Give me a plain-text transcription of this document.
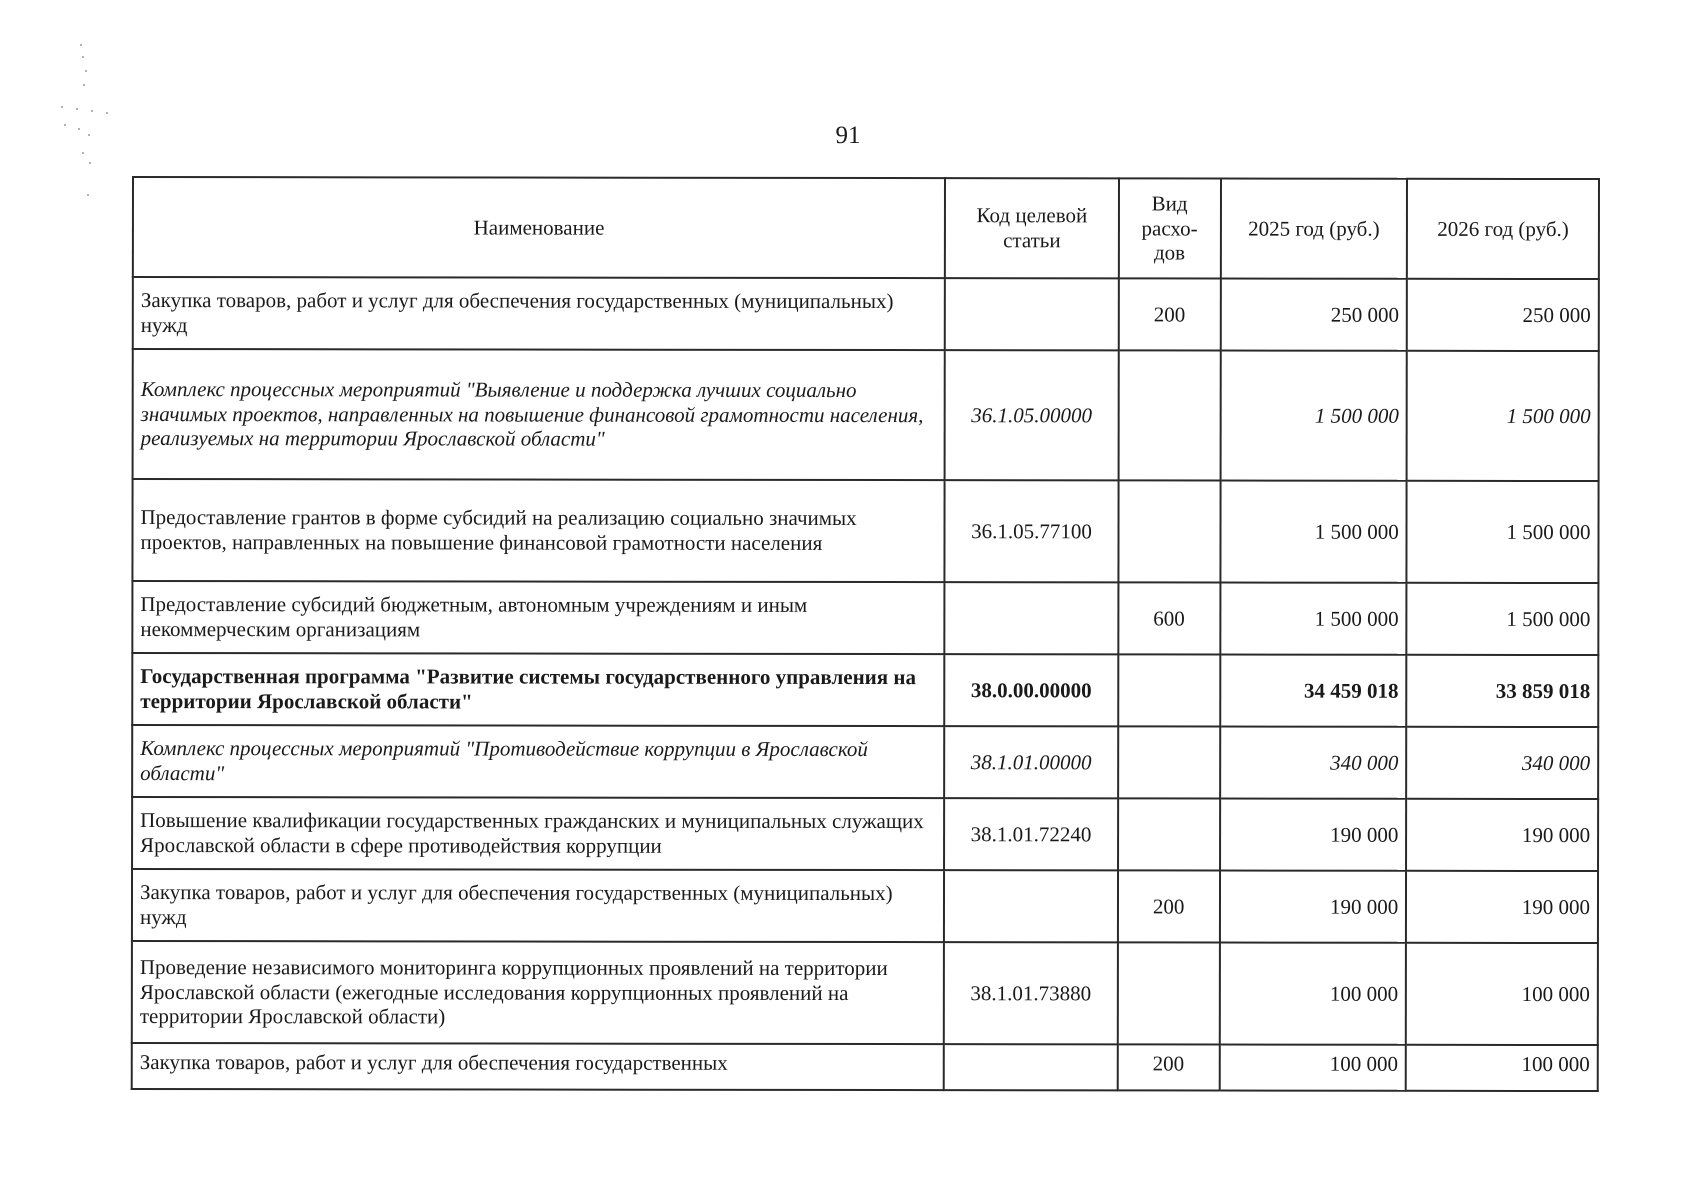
91
Наименование	Код целевой статьи	Вид расхо-дов	2025 год (руб.)	2026 год (руб.)
Закупка товаров, работ и услуг для обеспечения государственных (муниципальных) нужд		200	250 000	250 000
Комплекс процессных мероприятий "Выявление и поддержка лучших социально значимых проектов, направленных на повышение финансовой грамотности населения, реализуемых на территории Ярославской области"	36.1.05.00000		1 500 000	1 500 000
Предоставление грантов в форме субсидий на реализацию социально значимых проектов, направленных на повышение финансовой грамотности населения	36.1.05.77100		1 500 000	1 500 000
Предоставление субсидий бюджетным, автономным учреждениям и иным некоммерческим организациям		600	1 500 000	1 500 000
Государственная программа "Развитие системы государственного управления на территории Ярославской области"	38.0.00.00000		34 459 018	33 859 018
Комплекс процессных мероприятий "Противодействие коррупции в Ярославской области"	38.1.01.00000		340 000	340 000
Повышение квалификации государственных гражданских и муниципальных служащих Ярославской области в сфере противодействия коррупции	38.1.01.72240		190 000	190 000
Закупка товаров, работ и услуг для обеспечения государственных (муниципальных) нужд		200	190 000	190 000
Проведение независимого мониторинга коррупционных проявлений на территории Ярославской области (ежегодные исследования коррупционных проявлений на территории Ярославской области)	38.1.01.73880		100 000	100 000
Закупка товаров, работ и услуг для обеспечения государственных		200	100 000	100 000
